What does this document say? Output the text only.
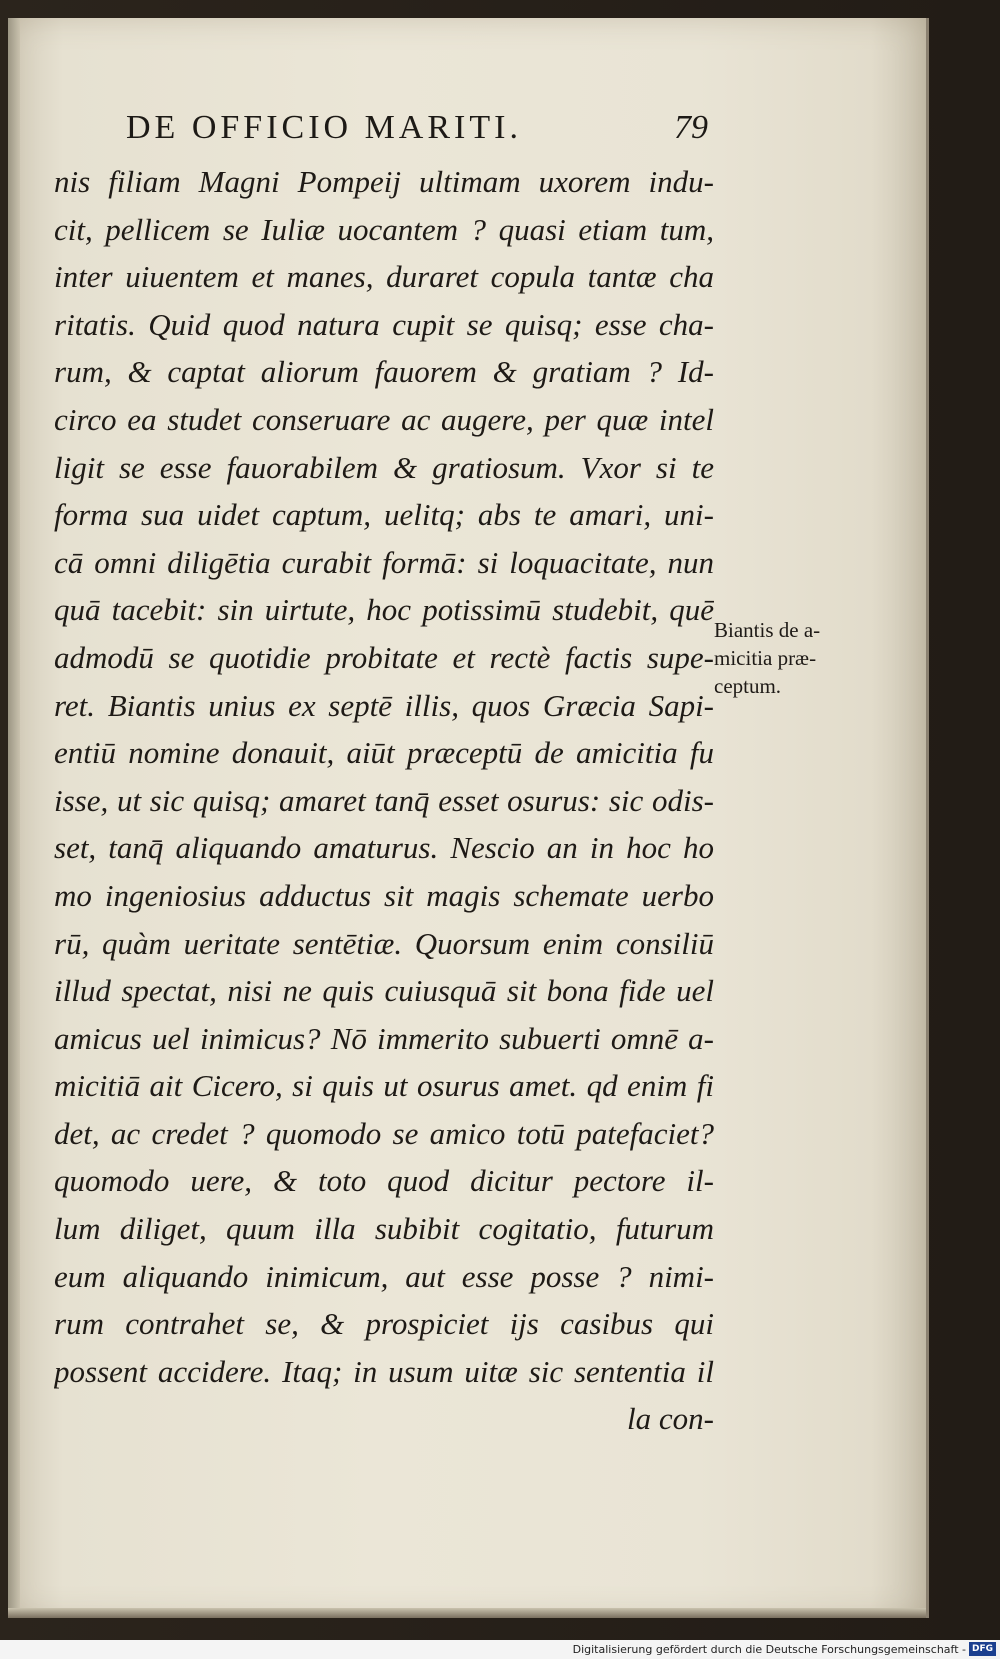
DE OFFICIO MARITI.	79
nis filiam Magni Pompeij ultimam uxorem indu-
cit, pellicem se Iuliæ uocantem ? quasi etiam tum,
inter uiuentem et manes, duraret copula tantæ cha
ritatis. Quid quod natura cupit se quisq; esse cha-
rum, & captat aliorum fauorem & gratiam ? Id-
circo ea studet conseruare ac augere, per quæ intel
ligit se esse fauorabilem & gratiosum. Vxor si te
forma sua uidet captum, uelitq; abs te amari, uni-
cā omni diligētia curabit formā: si loquacitate, nun
quā tacebit: sin uirtute, hoc potissimū studebit, quē
admodū se quotidie probitate et rectè factis supe-
ret. Biantis unius ex septē illis, quos Græcia Sapi-
entiū nomine donauit, aiūt præceptū de amicitia fu
isse, ut sic quisq; amaret tanq̄ esset osurus: sic odis-
set, tanq̄ aliquando amaturus. Nescio an in hoc ho
mo ingeniosius adductus sit magis schemate uerbo
rū, quàm ueritate sentētiæ. Quorsum enim consiliū
illud spectat, nisi ne quis cuiusquā sit bona fide uel
amicus uel inimicus? Nō immerito subuerti omnē a-
micitiā ait Cicero, si quis ut osurus amet. qd enim fi
det, ac credet ? quomodo se amico totū patefaciet?
quomodo uere, & toto quod dicitur pectore il-
lum diliget, quum illa subibit cogitatio, futurum
eum aliquando inimicum, aut esse posse ? nimi-
rum contrahet se, & prospiciet ijs casibus qui
possent accidere. Itaq; in usum uitæ sic sententia il
la con-
Biantis de a-
micitia præ-
ceptum.
Digitalisierung gefördert durch die Deutsche Forschungsgemeinschaft - DFG
